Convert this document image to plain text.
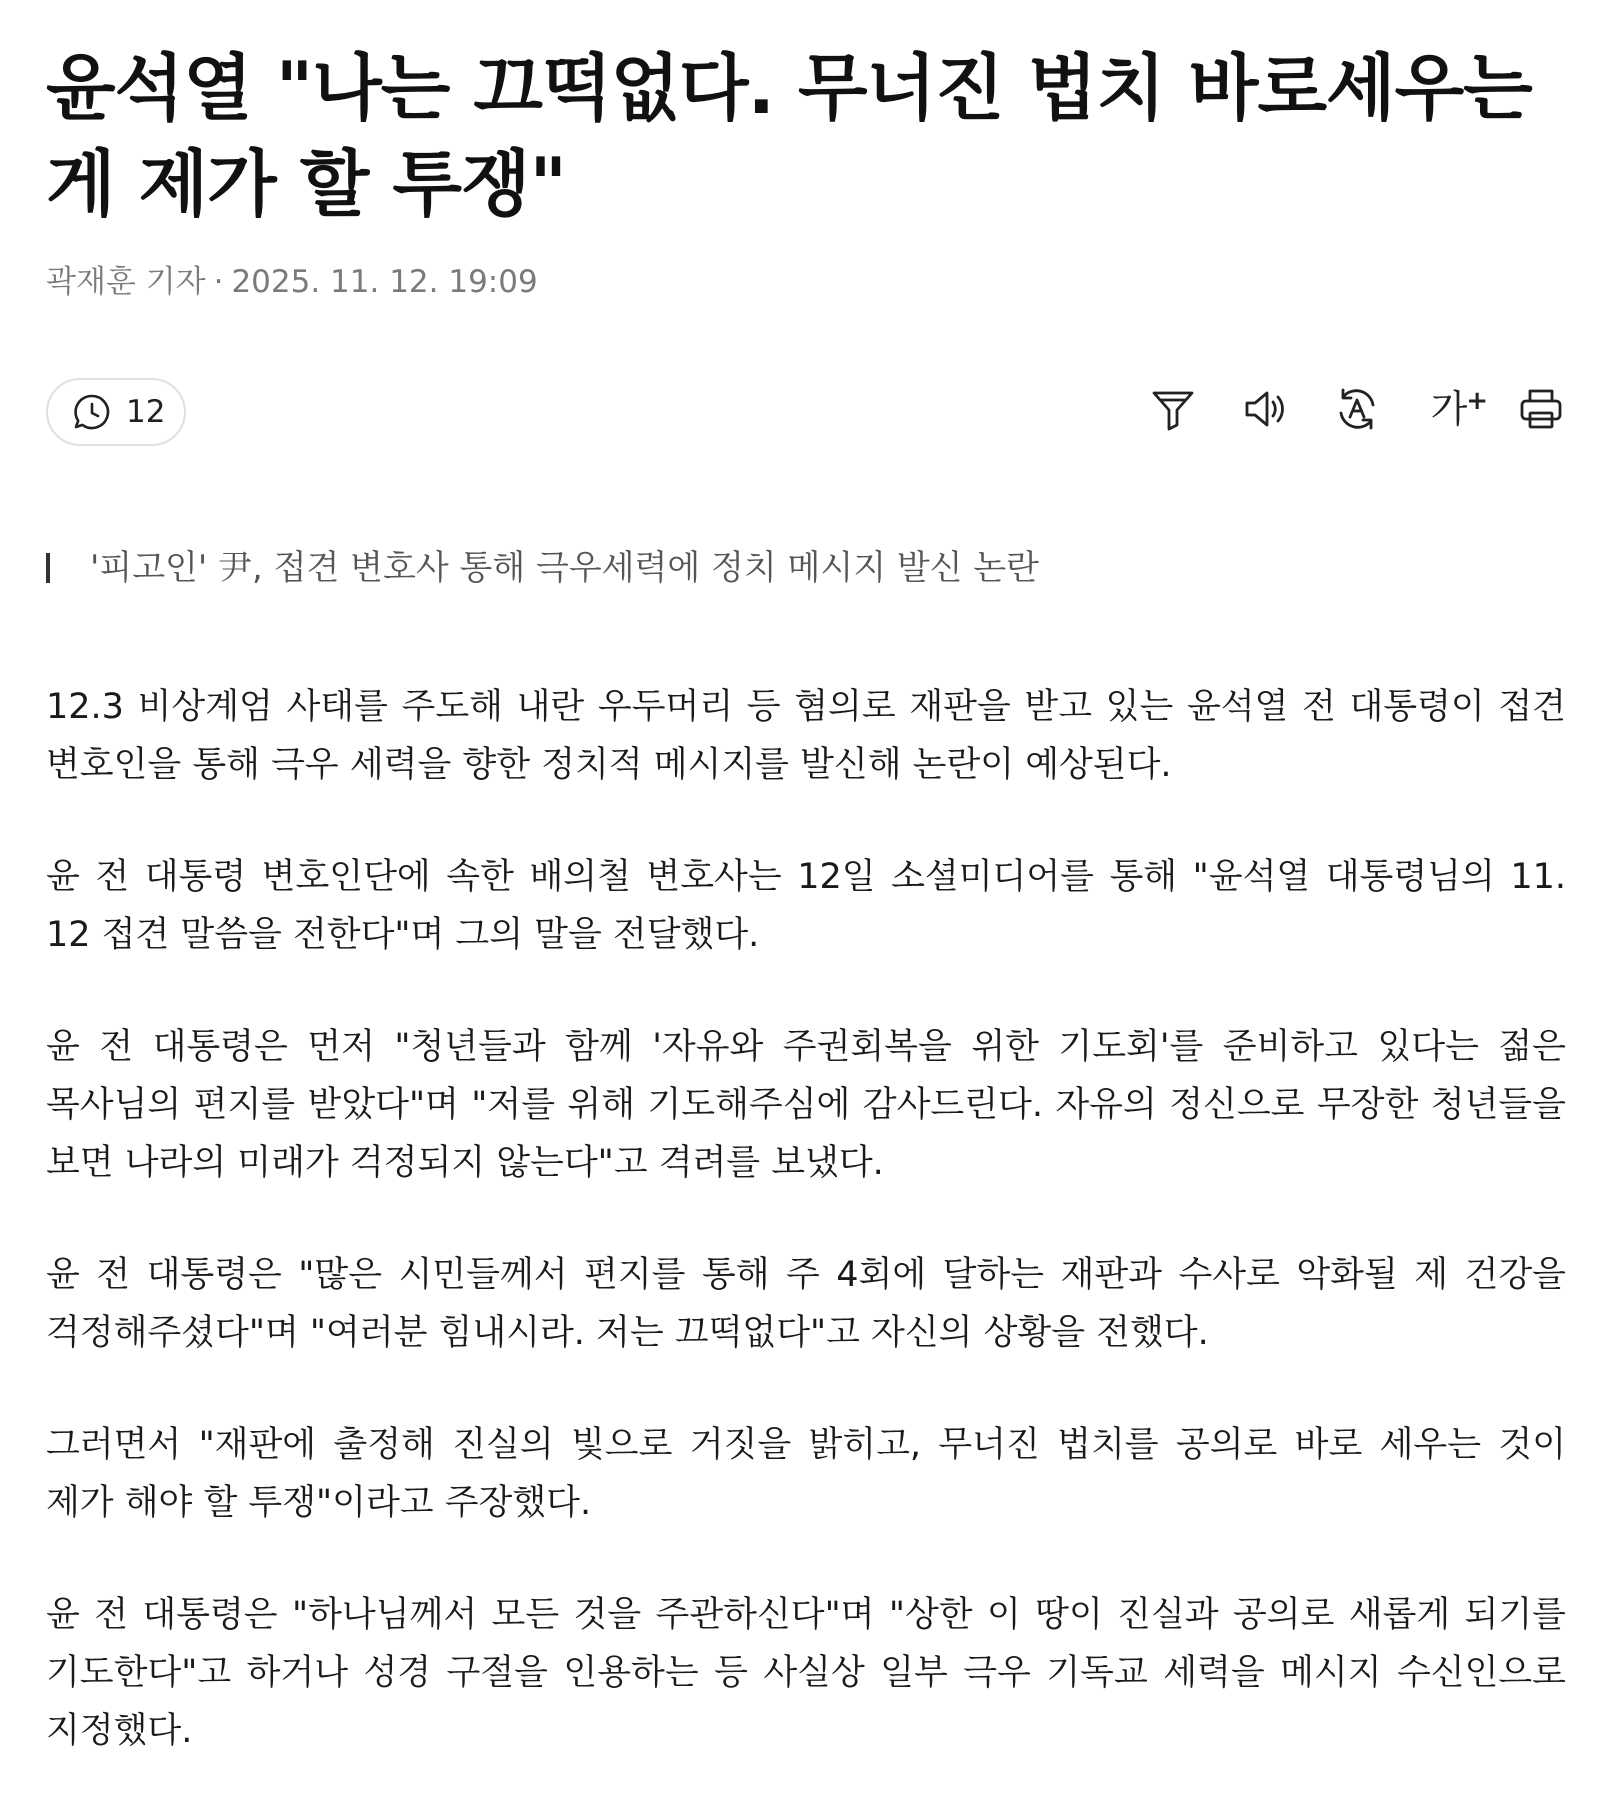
윤석열 "나는 끄떡없다. 무너진 법치 바로세우는 게 제가 할 투쟁"
곽재훈 기자 · 2025. 11. 12. 19:09
12	가
+
'피고인' 尹, 접견 변호사 통해 극우세력에 정치 메시지 발신 논란

12.3 비상계엄 사태를 주도해 내란 우두머리 등 혐의로 재판을 받고 있는 윤석열 전 대통령이 접견 변호인을 통해 극우 세력을 향한 정치적 메시지를 발신해 논란이 예상된다.

윤 전 대통령 변호인단에 속한 배의철 변호사는 12일 소셜미디어를 통해 "윤석열 대통령님의 11. 12 접견 말씀을 전한다"며 그의 말을 전달했다.

윤 전 대통령은 먼저 "청년들과 함께 '자유와 주권회복을 위한 기도회'를 준비하고 있다는 젊은 목사님의 편지를 받았다"며 "저를 위해 기도해주심에 감사드린다. 자유의 정신으로 무장한 청년들을 보면 나라의 미래가 걱정되지 않는다"고 격려를 보냈다.

윤 전 대통령은 "많은 시민들께서 편지를 통해 주 4회에 달하는 재판과 수사로 악화될 제 건강을 걱정해주셨다"며 "여러분 힘내시라. 저는 끄떡없다"고 자신의 상황을 전했다.

그러면서 "재판에 출정해 진실의 빛으로 거짓을 밝히고, 무너진 법치를 공의로 바로 세우는 것이 제가 해야 할 투쟁"이라고 주장했다.

윤 전 대통령은 "하나님께서 모든 것을 주관하신다"며 "상한 이 땅이 진실과 공의로 새롭게 되기를 기도한다"고 하거나 성경 구절을 인용하는 등 사실상 일부 극우 기독교 세력을 메시지 수신인으로 지정했다.
